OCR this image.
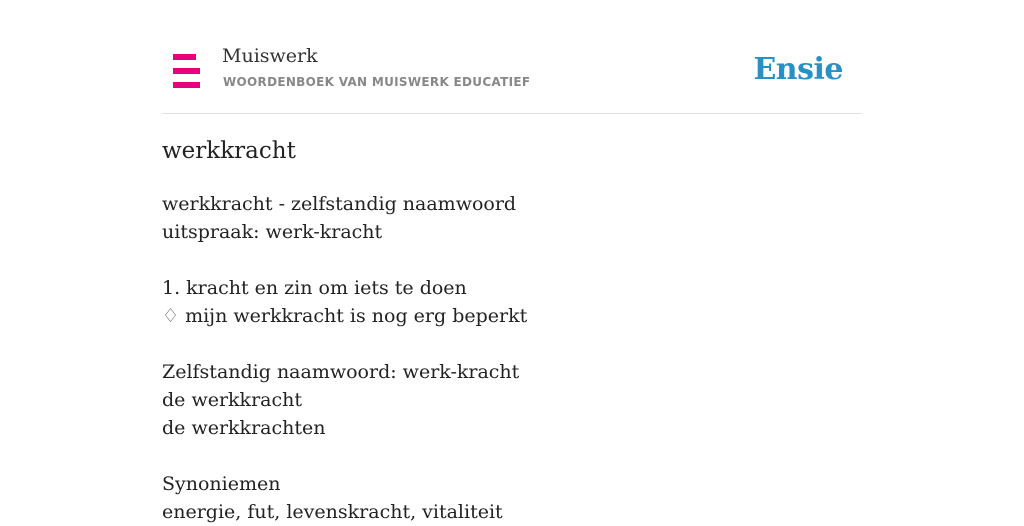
Muiswerk
WOORDENBOEK VAN MUISWERK EDUCATIEF	Ensie
werkkracht
werkkracht - zelfstandig naamwoord
uitspraak: werk-kracht
1. kracht en zin om iets te doen
♢ mijn werkkracht is nog erg beperkt
Zelfstandig naamwoord: werk-kracht
de werkkracht
de werkkrachten
Synoniemen
energie, fut, levenskracht, vitaliteit
